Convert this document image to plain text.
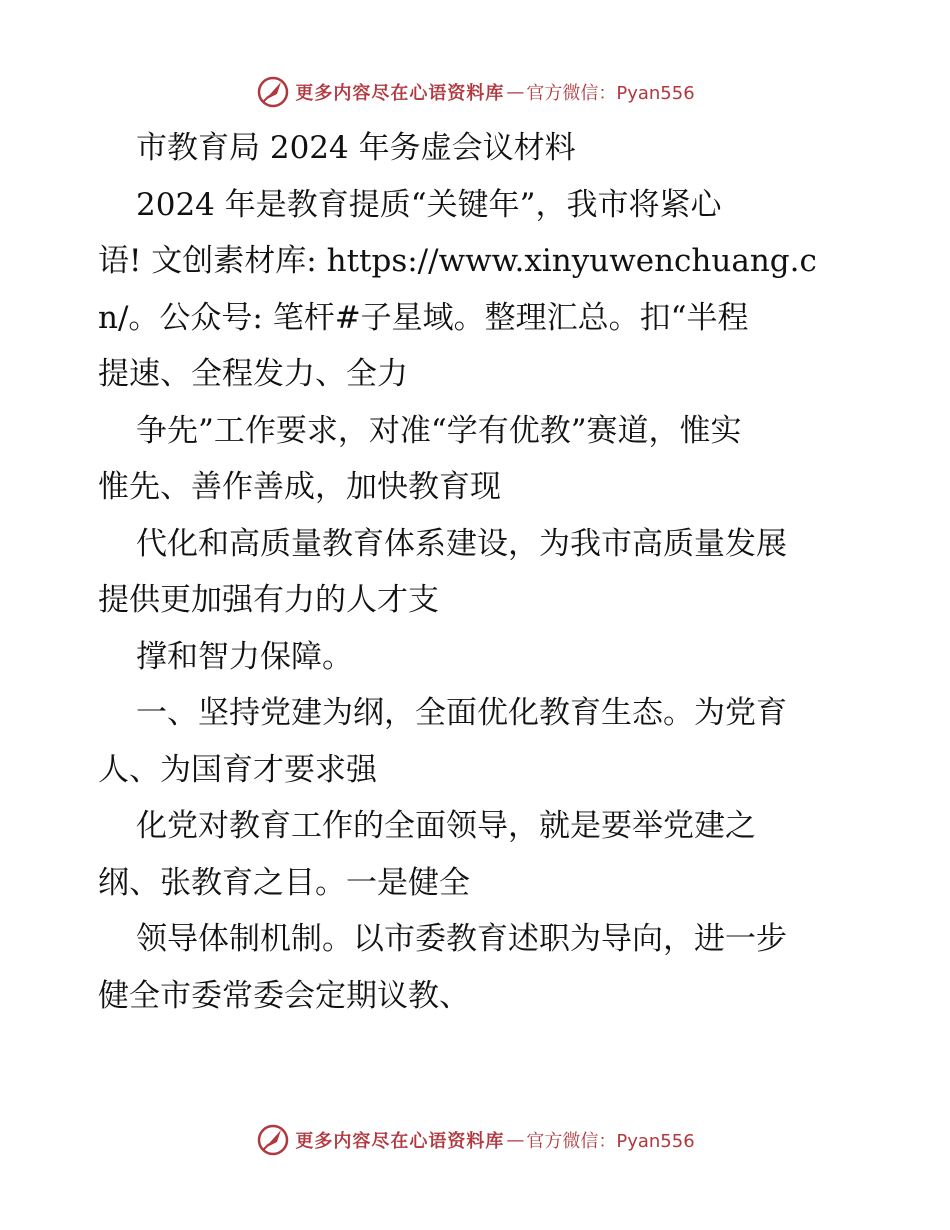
更多内容尽在心语资料库 — 官方微信：Pyan556
市教育局 2024 年务虚会议材料
2024 年是教育提质“关键年”，我市将紧心
语! 文创素材库: https://www.xinyuwenchuang.c
n/。公众号: 笔杆#子星域。整理汇总。扣“半程
提速、全程发力、全力
争先”工作要求，对准“学有优教”赛道，惟实
惟先、善作善成，加快教育现
代化和高质量教育体系建设，为我市高质量发展
提供更加强有力的人才支
撑和智力保障。
一、坚持党建为纲，全面优化教育生态。为党育
人、为国育才要求强
化党对教育工作的全面领导，就是要举党建之
纲、张教育之目。一是健全
领导体制机制。以市委教育述职为导向，进一步
健全市委常委会定期议教、
更多内容尽在心语资料库 — 官方微信：Pyan556
